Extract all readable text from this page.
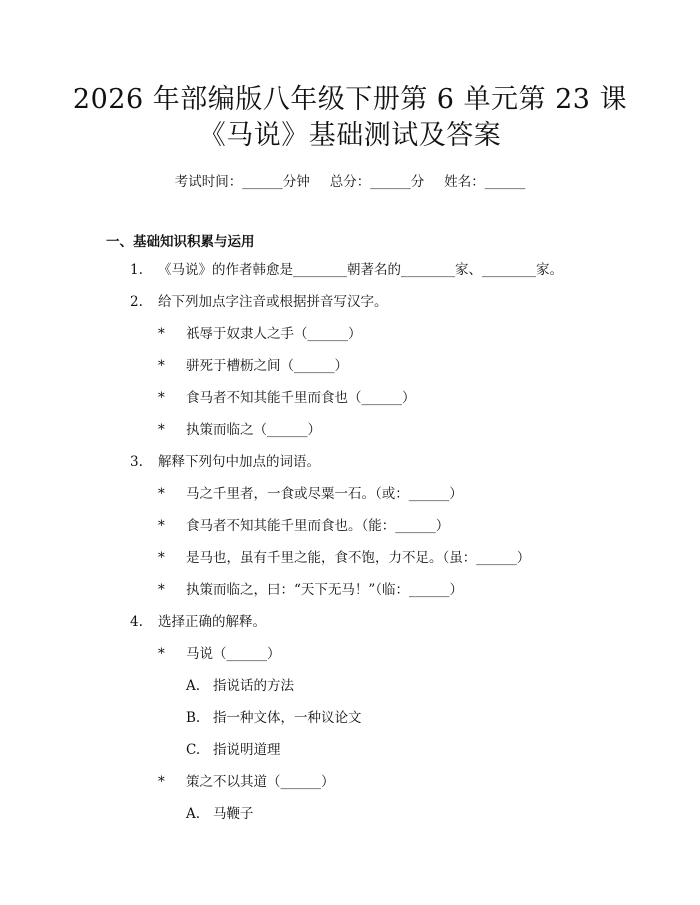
2026 年部编版八年级下册第 6 单元第 23 课
《马说》基础测试及答案
考试时间：______分钟 总分：______分 姓名：______
一、基础知识积累与运用
1. 《马说》的作者韩愈是________朝著名的________家、________家。
2. 给下列加点字注音或根据拼音写汉字。
* 祇辱于奴隶人之手（______）
* 骈死于槽枥之间（______）
* 食马者不知其能千里而食也（______）
* 执策而临之（______）
3. 解释下列句中加点的词语。
* 马之千里者，一食或尽粟一石。（或：______）
* 食马者不知其能千里而食也。（能：______）
* 是马也，虽有千里之能，食不饱，力不足。（虽：______）
* 执策而临之，曰：“天下无马！”（临：______）
4. 选择正确的解释。
* 马说（______）
A. 指说话的方法
B. 指一种文体，一种议论文
C. 指说明道理
* 策之不以其道（______）
A. 马鞭子
